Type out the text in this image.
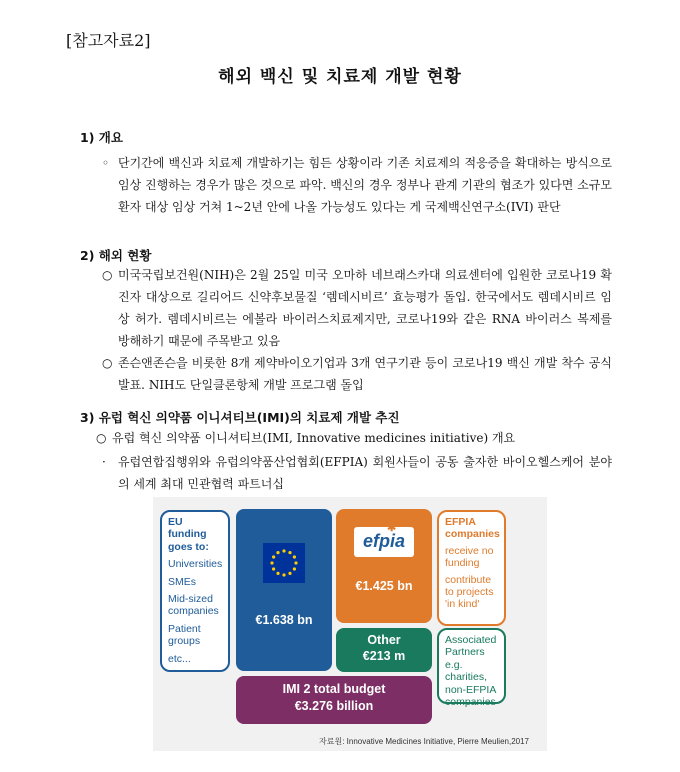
[참고자료2]
해외 백신 및 치료제 개발 현황
1) 개요
◦ 단기간에 백신과 치료제 개발하기는 힘든 상황이라 기존 치료제의 적응증을 확대하는 방식으로 임상 진행하는 경우가 많은 것으로 파악. 백신의 경우 정부나 관계 기관의 협조가 있다면 소규모 환자 대상 임상 거쳐 1~2년 안에 나올 가능성도 있다는 게 국제백신연구소(IVI) 판단
2) 해외 현황
○ 미국국립보건원(NIH)은 2월 25일 미국 오마하 네브래스카대 의료센터에 입원한 코로나19 확진자 대상으로 길리어드 신약후보물질 ‘렘데시비르’ 효능평가 돌입. 한국에서도 렘데시비르 임상 허가. 렘데시비르는 에볼라 바이러스치료제지만, 코로나19와 같은 RNA 바이러스 복제를 방해하기 때문에 주목받고 있음
○ 존슨앤존슨을 비롯한 8개 제약바이오기업과 3개 연구기관 등이 코로나19 백신 개발 착수 공식 발표. NIH도 단일클론항체 개발 프로그램 돌입
3) 유럽 혁신 의약품 이니셔티브(IMI)의 치료제 개발 추진
○ 유럽 혁신 의약품 이니셔티브(IMI, Innovative medicines initiative) 개요
· 유럽연합집행위와 유럽의약품산업협회(EFPIA) 회원사들이 공동 출자한 바이오헬스케어 분야의 세계 최대 민관협력 파트너십
EU funding goes to:
Universities
SMEs
Mid-sized companies
Patient groups
etc...
€1.638 bn
efpia
✱
€1.425 bn
Other
€213 m
IMI 2 total budget
€3.276 billion
EFPIA companies
receive no funding
contribute to projects 'in kind'
Associated Partners e.g. charities, non-EFPIA companies
자료원: Innovative Medicines Initiative, Pierre Meulien,2017
